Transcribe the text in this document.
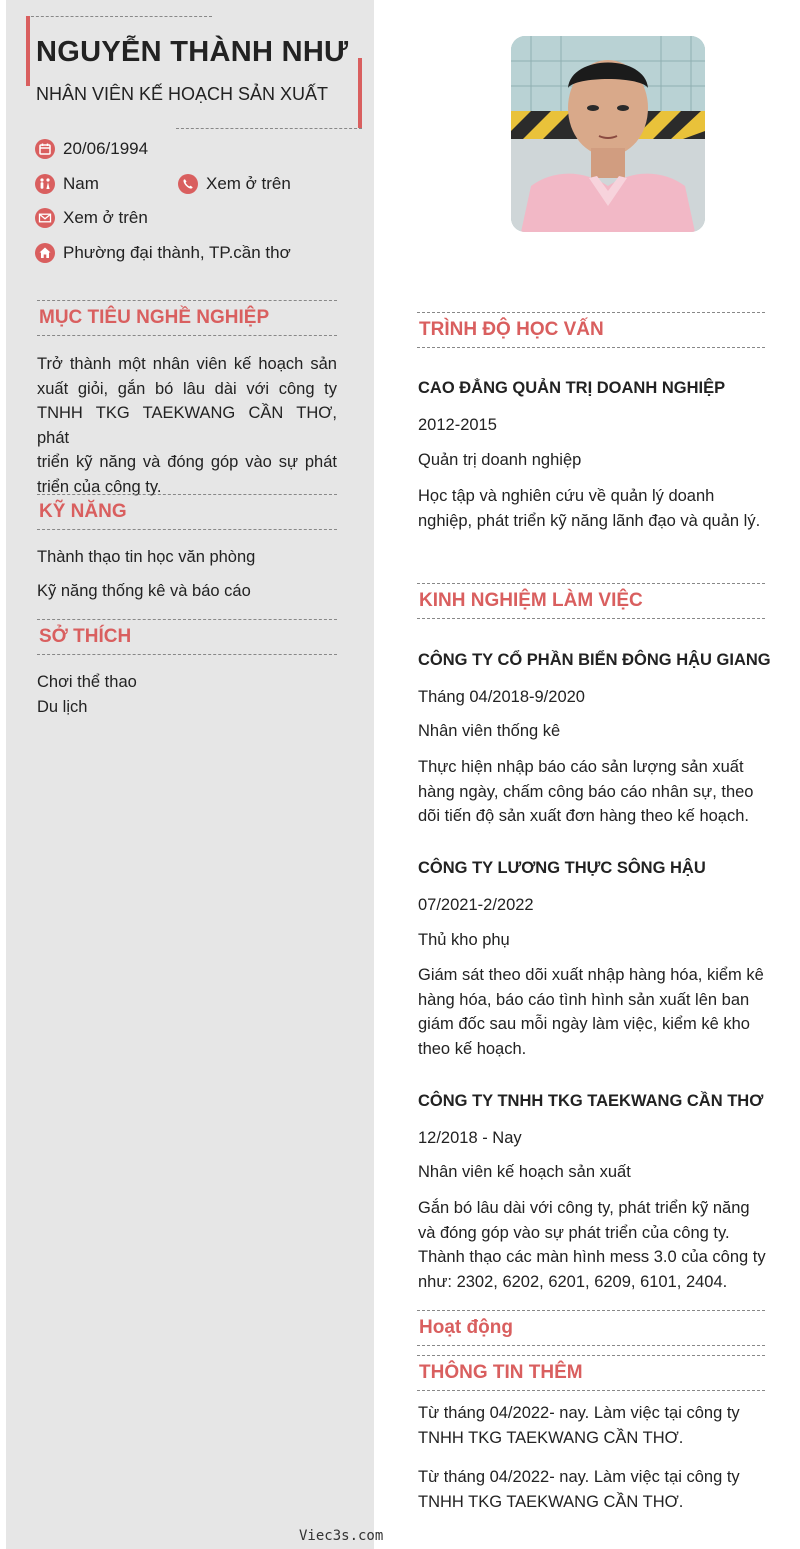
NGUYỄN THÀNH NHƯ
NHÂN VIÊN KẾ HOẠCH SẢN XUẤT
20/06/1994
Nam	Xem ở trên
Xem ở trên
Phường đại thành, TP.cần thơ
MỤC TIÊU NGHỀ NGHIỆP
Trở thành một nhân viên kế hoạch sản
xuất giỏi, gắn bó lâu dài với công ty
TNHH TKG TAEKWANG CẦN THƠ, phát
triển kỹ năng và đóng góp vào sự phát
triển của công ty.
KỸ NĂNG
Thành thạo tin học văn phòng
Kỹ năng thống kê và báo cáo
SỞ THÍCH
Chơi thể thao
Du lịch
TRÌNH ĐỘ HỌC VẤN
CAO ĐẲNG QUẢN TRỊ DOANH NGHIỆP
2012-2015
Quản trị doanh nghiệp
Học tập và nghiên cứu về quản lý doanh nghiệp, phát triển kỹ năng lãnh đạo và quản lý.
KINH NGHIỆM LÀM VIỆC
CÔNG TY CỔ PHẦN BIỂN ĐÔNG HẬU GIANG
Tháng 04/2018-9/2020
Nhân viên thống kê
Thực hiện nhập báo cáo sản lượng sản xuất hàng ngày, chấm công báo cáo nhân sự, theo dõi tiến độ sản xuất đơn hàng theo kế hoạch.
CÔNG TY LƯƠNG THỰC SÔNG HẬU
07/2021-2/2022
Thủ kho phụ
Giám sát theo dõi xuất nhập hàng hóa, kiểm kê hàng hóa, báo cáo tình hình sản xuất lên ban giám đốc sau mỗi ngày làm việc, kiểm kê kho theo kế hoạch.
CÔNG TY TNHH TKG TAEKWANG CẦN THƠ
12/2018 - Nay
Nhân viên kế hoạch sản xuất
Gắn bó lâu dài với công ty, phát triển kỹ năng và đóng góp vào sự phát triển của công ty. Thành thạo các màn hình mess 3.0 của công ty như: 2302, 6202, 6201, 6209, 6101, 2404.
Hoạt động
THÔNG TIN THÊM
Từ tháng 04/2022- nay. Làm việc tại công ty TNHH TKG TAEKWANG CẦN THƠ.
Từ tháng 04/2022- nay. Làm việc tại công ty TNHH TKG TAEKWANG CẦN THƠ.
Viec3s.com
